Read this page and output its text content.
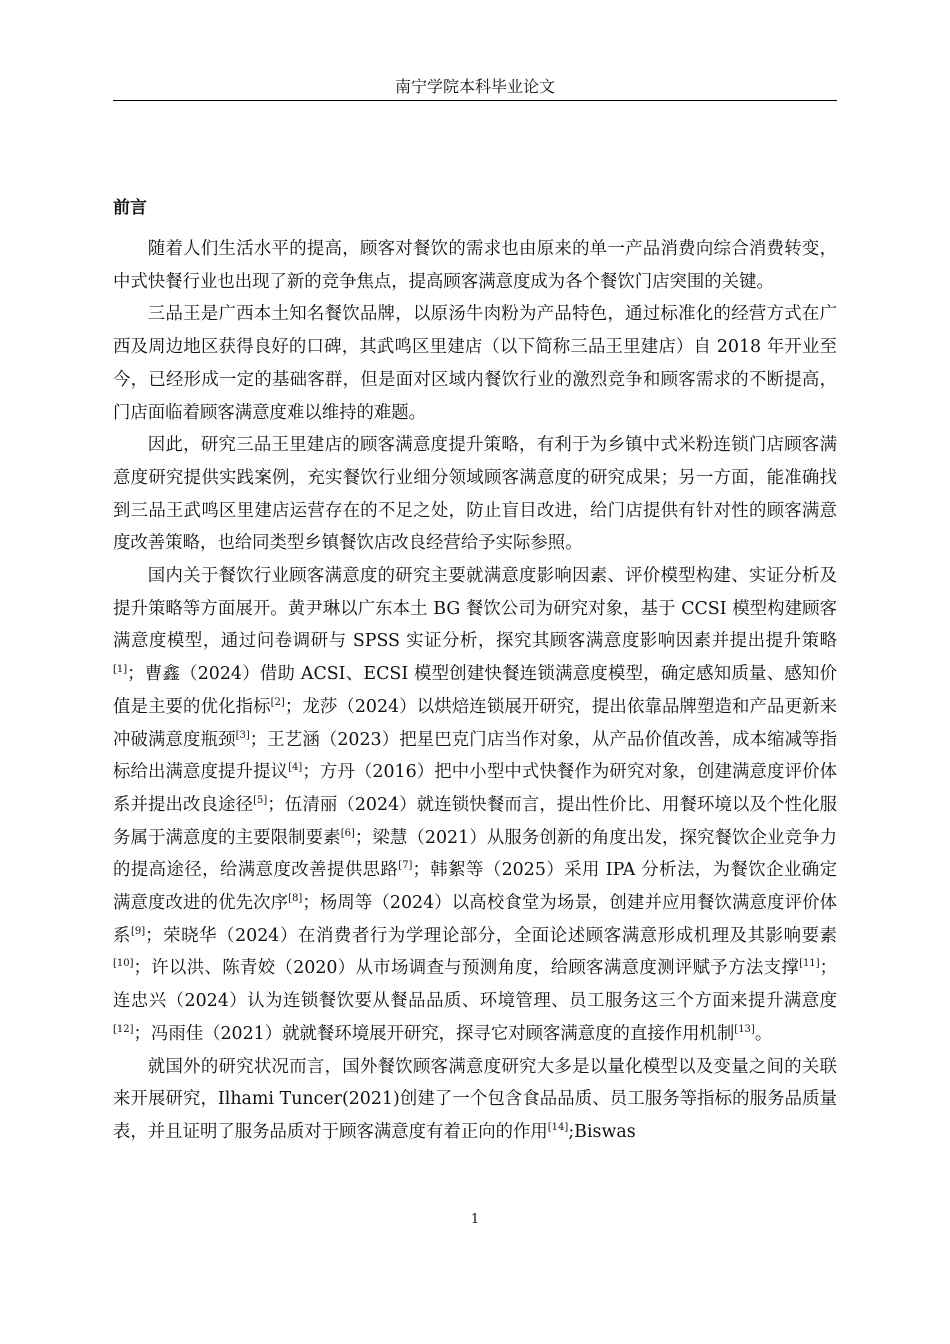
南宁学院本科毕业论文
前言

随着人们生活水平的提高，顾客对餐饮的需求也由原来的单一产品消费向综合消费转变，中式快餐行业也出现了新的竞争焦点，提高顾客满意度成为各个餐饮门店突围的关键。

三品王是广西本土知名餐饮品牌，以原汤牛肉粉为产品特色，通过标准化的经营方式在广西及周边地区获得良好的口碑，其武鸣区里建店（以下简称三品王里建店）自 2018 年开业至今，已经形成一定的基础客群，但是面对区域内餐饮行业的激烈竞争和顾客需求的不断提高，门店面临着顾客满意度难以维持的难题。

因此，研究三品王里建店的顾客满意度提升策略，有利于为乡镇中式米粉连锁门店顾客满意度研究提供实践案例，充实餐饮行业细分领域顾客满意度的研究成果；另一方面，能准确找到三品王武鸣区里建店运营存在的不足之处，防止盲目改进，给门店提供有针对性的顾客满意度改善策略，也给同类型乡镇餐饮店改良经营给予实际参照。

国内关于餐饮行业顾客满意度的研究主要就满意度影响因素、评价模型构建、实证分析及提升策略等方面展开。黄尹琳以广东本土 BG 餐饮公司为研究对象，基于 CCSI 模型构建顾客满意度模型，通过问卷调研与 SPSS 实证分析，探究其顾客满意度影响因素并提出提升策略[1]；曹鑫（2024）借助 ACSI、ECSI 模型创建快餐连锁满意度模型，确定感知质量、感知价值是主要的优化指标[2]；龙莎（2024）以烘焙连锁展开研究，提出依靠品牌塑造和产品更新来冲破满意度瓶颈[3]；王艺涵（2023）把星巴克门店当作对象，从产品价值改善，成本缩减等指标给出满意度提升提议[4]；方丹（2016）把中小型中式快餐作为研究对象，创建满意度评价体系并提出改良途径[5]；伍清丽（2024）就连锁快餐而言，提出性价比、用餐环境以及个性化服务属于满意度的主要限制要素[6]；梁慧（2021）从服务创新的角度出发，探究餐饮企业竞争力的提高途径，给满意度改善提供思路[7]；韩絮等（2025）采用 IPA 分析法，为餐饮企业确定满意度改进的优先次序[8]；杨周等（2024）以高校食堂为场景，创建并应用餐饮满意度评价体系[9]；荣晓华（2024）在消费者行为学理论部分，全面论述顾客满意形成机理及其影响要素[10]；许以洪、陈青姣（2020）从市场调查与预测角度，给顾客满意度测评赋予方法支撑[11]；连忠兴（2024）认为连锁餐饮要从餐品品质、环境管理、员工服务这三个方面来提升满意度[12]；冯雨佳（2021）就就餐环境展开研究，探寻它对顾客满意度的直接作用机制[13]。

就国外的研究状况而言，国外餐饮顾客满意度研究大多是以量化模型以及变量之间的关联来开展研究，Ilhami Tuncer(2021)创建了一个包含食品品质、员工服务等指标的服务品质量表，并且证明了服务品质对于顾客满意度有着正向的作用[14];Biswas

1
